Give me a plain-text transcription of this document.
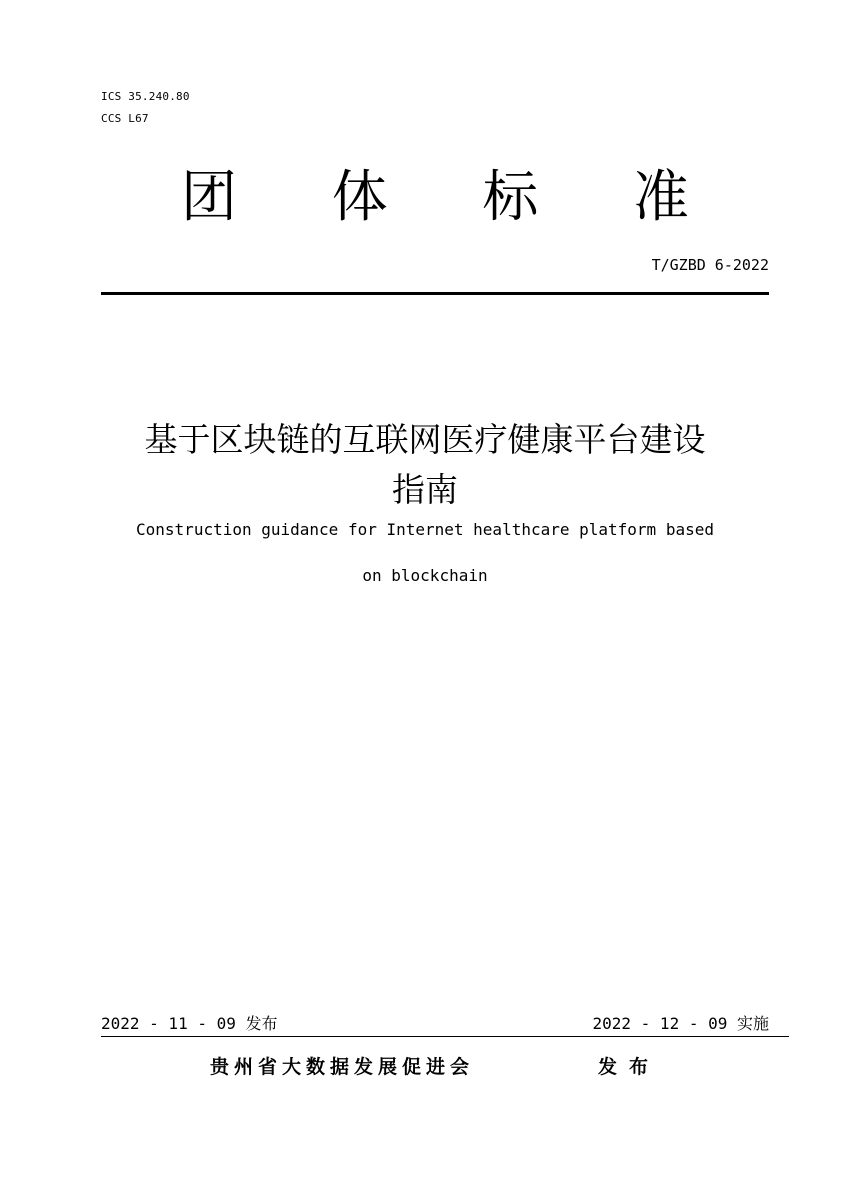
ICS 35.240.80
CCS L67
团 体 标 准
T/GZBD 6-2022
基于区块链的互联网医疗健康平台建设
指南
Construction guidance for Internet healthcare platform based
on blockchain
2022 - 11 - 09 发布	2022 - 12 - 09 实施
贵州省大数据发展促进会	发布
